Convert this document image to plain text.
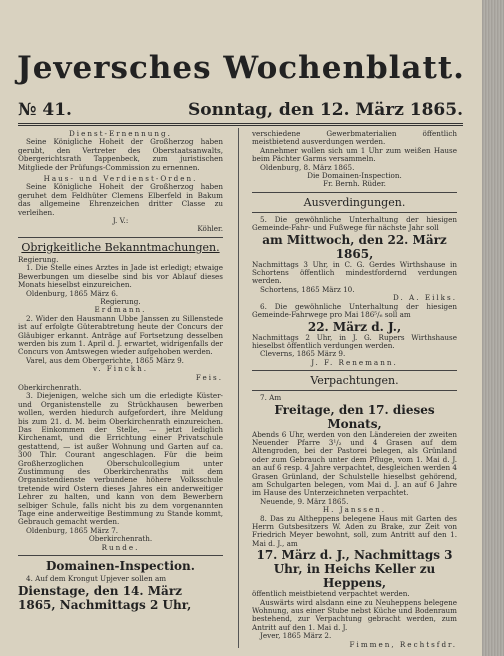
Jeversches Wochenblatt.
№ 41.	Sonntag, den 12. März 1865.

Dienst-Ernennung.

Seine Königliche Hoheit der Großherzog haben gerubt, den Vertreter des Oberstaatsanwalts, Obergerichtsrath Tappenbeck, zum juristischen Mitgliede der Prüfungs-Commission zu ernennen.

Haus- und Verdienst-Orden.

Seine Königliche Hoheit der Großherzog haben geruhet dem Feldhüter Clemens Elberfeld in Bakum das allgemeine Ehrenzeichen dritter Classe zu verleihen.

J. V.:

Köhler.

Obrigkeitliche Bekanntmachungen.

Regierung.

1. Die Stelle eines Arztes in Jade ist erledigt; etwaige Bewerbungen um dieselbe sind bis vor Ablauf dieses Monats hieselbst einzureichen.

Oldenburg, 1865 März 6.

Regierung.

Erdmann.

2. Wider den Hausmann Ubbe Janssen zu Sillenstede ist auf erfolgte Güterabtretung heute der Concurs der Gläubiger erkannt. Anträge auf Fortsetzung desselben werden bis zum 1. April d. J. erwartet, widrigenfalls der Concurs von Amtswegen wieder aufgehoben werden.

Varel, aus dem Obergerichte, 1865 März 9.

v. Finckh.

Feis.

Oberkirchenrath.

3. Diejenigen, welche sich um die erledigte Küster- und Organistenstelle zu Strückhausen bewerben wollen, werden hiedurch aufgefordert, ihre Meldung bis zum 21. d. M. beim Oberkirchenrath einzureichen. Das Einkommen der Stelle, — jetzt lediglich Kirchenamt, und die Errichtung einer Privatschule gestattend, — ist außer Wohnung und Garten auf ca. 300 Thlr. Courant angeschlagen. Für die beim Großherzoglichen Oberschulcollegium unter Zustimmung des Oberkirchenraths mit dem Organistendienste verbundene höhere Volksschule tretende wird Ostern dieses Jahres ein anderweitiger Lehrer zu halten, und kann von dem Bewerbern selbiger Schule, falls nicht bis zu dem vorgenannten Tage eine anderweitige Bestimmung zu Stande kommt, Gebrauch gemacht werden.

Oldenburg, 1865 März 7.

Oberkirchenrath.

Runde.

Domainen-Inspection.

4. Auf dem Krongut Upjever sollen am

Dienstage, den 14. März 1865, Nachmittags 2 Uhr,

verschiedene Gewerbmaterialien öffentlich meistbietend ausverdungen werden.

Annehmer wollen sich um 1 Uhr zum weißen Hause beim Pächter Garms versammeln.

Oldenburg, 8. März 1865.

Die Domainen-Inspection.

Fr. Bernh. Rüder.

Ausverdingungen.

5. Die gewöhnliche Unterhaltung der hiesigen Gemeinde-Fahr- und Fußwege für nächste Jahr soll

am Mittwoch, den 22. März 1865,

Nachmittags 3 Uhr, in C. G. Gerdes Wirthshause in Schortens öffentlich mindestfordernd verdungen werden.

Schortens, 1865 März 10.

D. A. Eilks.

6. Die gewöhnliche Unterhaltung der hiesigen Gemeinde-Fahrwege pro Mai 186⁵/₆ soll am

22. März d. J.,

Nachmittags 2 Uhr, in J. G. Rupers Wirthshause hieselbst öffentlich verdungen werden.

Cleverns, 1865 März 9.

J. F. Renemann.

Verpachtungen.

7. Am

Freitage, den 17. dieses Monats,

Abends 6 Uhr, werden von den Ländereien der zweiten Neuender Pfarre 3¹/₂ und 4 Grasen auf dem Altengroden, bei der Pastorei belegen, als Grünland oder zum Gebrauch unter dem Pfluge, vom 1. Mai d. J. an auf 6 resp. 4 Jahre verpachtet, desgleichen werden 4 Grasen Grünland, der Schulstelle hieselbst gehörend, am Schulgarten belegen, vom Mai d. J. an auf 6 Jahre im Hause des Unterzeichneten verpachtet.

Neuende, 9. März 1865.

H. Janssen.

8. Das zu Altheppens belegene Haus mit Garten des Herrn Gutsbesitzers W. Aden zu Brake, zur Zeit von Friedrich Meyer bewohnt, soll, zum Antritt auf den 1. Mai d. J., am

17. März d. J., Nachmittags 3 Uhr, in Heichs Keller zu Heppens,

öffentlich meistbietend verpachtet werden.

Auswärts wird alsdann eine zu Neuheppens belegene Wohnung, aus einer Stube nebst Küche und Bodenraum bestehend, zur Verpachtung gebracht werden, zum Antritt auf den 1. Mai d. J.

Jever, 1865 März 2.

Fimmen, Rechtsfdr.
